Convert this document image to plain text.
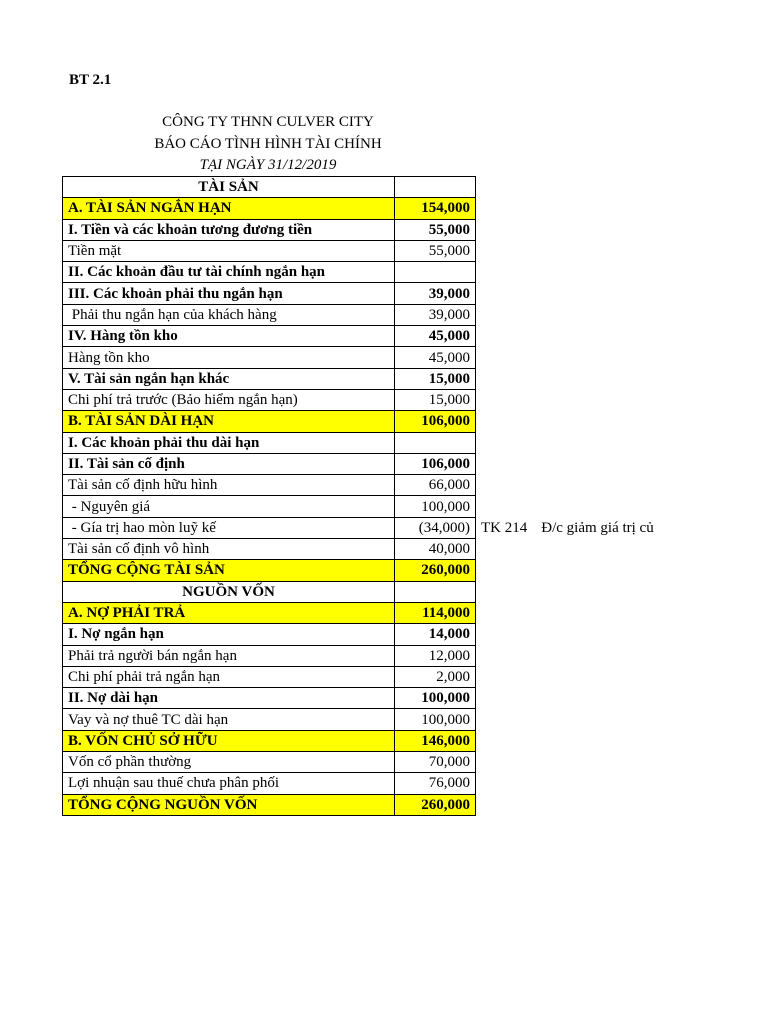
BT 2.1
CÔNG TY THNN CULVER CITY
BÁO CÁO TÌNH HÌNH TÀI CHÍNH
TẠI NGÀY 31/12/2019
TÀI SẢN	
A. TÀI SẢN NGẮN HẠN	154,000
I. Tiền và các khoản tương đương tiền	55,000
Tiền mặt	55,000
II. Các khoản đầu tư tài chính ngắn hạn	
III. Các khoản phải thu ngắn hạn	39,000
Phải thu ngắn hạn của khách hàng	39,000
IV. Hàng tồn kho	45,000
Hàng tồn kho	45,000
V. Tài sản ngắn hạn khác	15,000
Chi phí trả trước (Bảo hiểm ngắn hạn)	15,000
B. TÀI SẢN DÀI HẠN	106,000
I. Các khoản phải thu dài hạn	
II. Tài sản cố định	106,000
Tài sản cố định hữu hình	66,000
- Nguyên giá	100,000
- Gía trị hao mòn luỹ kế	(34,000)
Tài sản cố định vô hình	40,000
TỔNG CỘNG TÀI SẢN	260,000
NGUỒN VỐN	
A. NỢ PHẢI TRẢ	114,000
I. Nợ ngắn hạn	14,000
Phải trả người bán ngắn hạn	12,000
Chi phí phải trả ngắn hạn	2,000
II. Nợ dài hạn	100,000
Vay và nợ thuê TC dài hạn	100,000
B. VỐN CHỦ SỞ HỮU	146,000
Vốn cổ phần thường	70,000
Lợi nhuận sau thuế chưa phân phối	76,000
TỔNG CỘNG NGUỒN VỐN	260,000
TK 214 Đ/c giảm giá trị củ
